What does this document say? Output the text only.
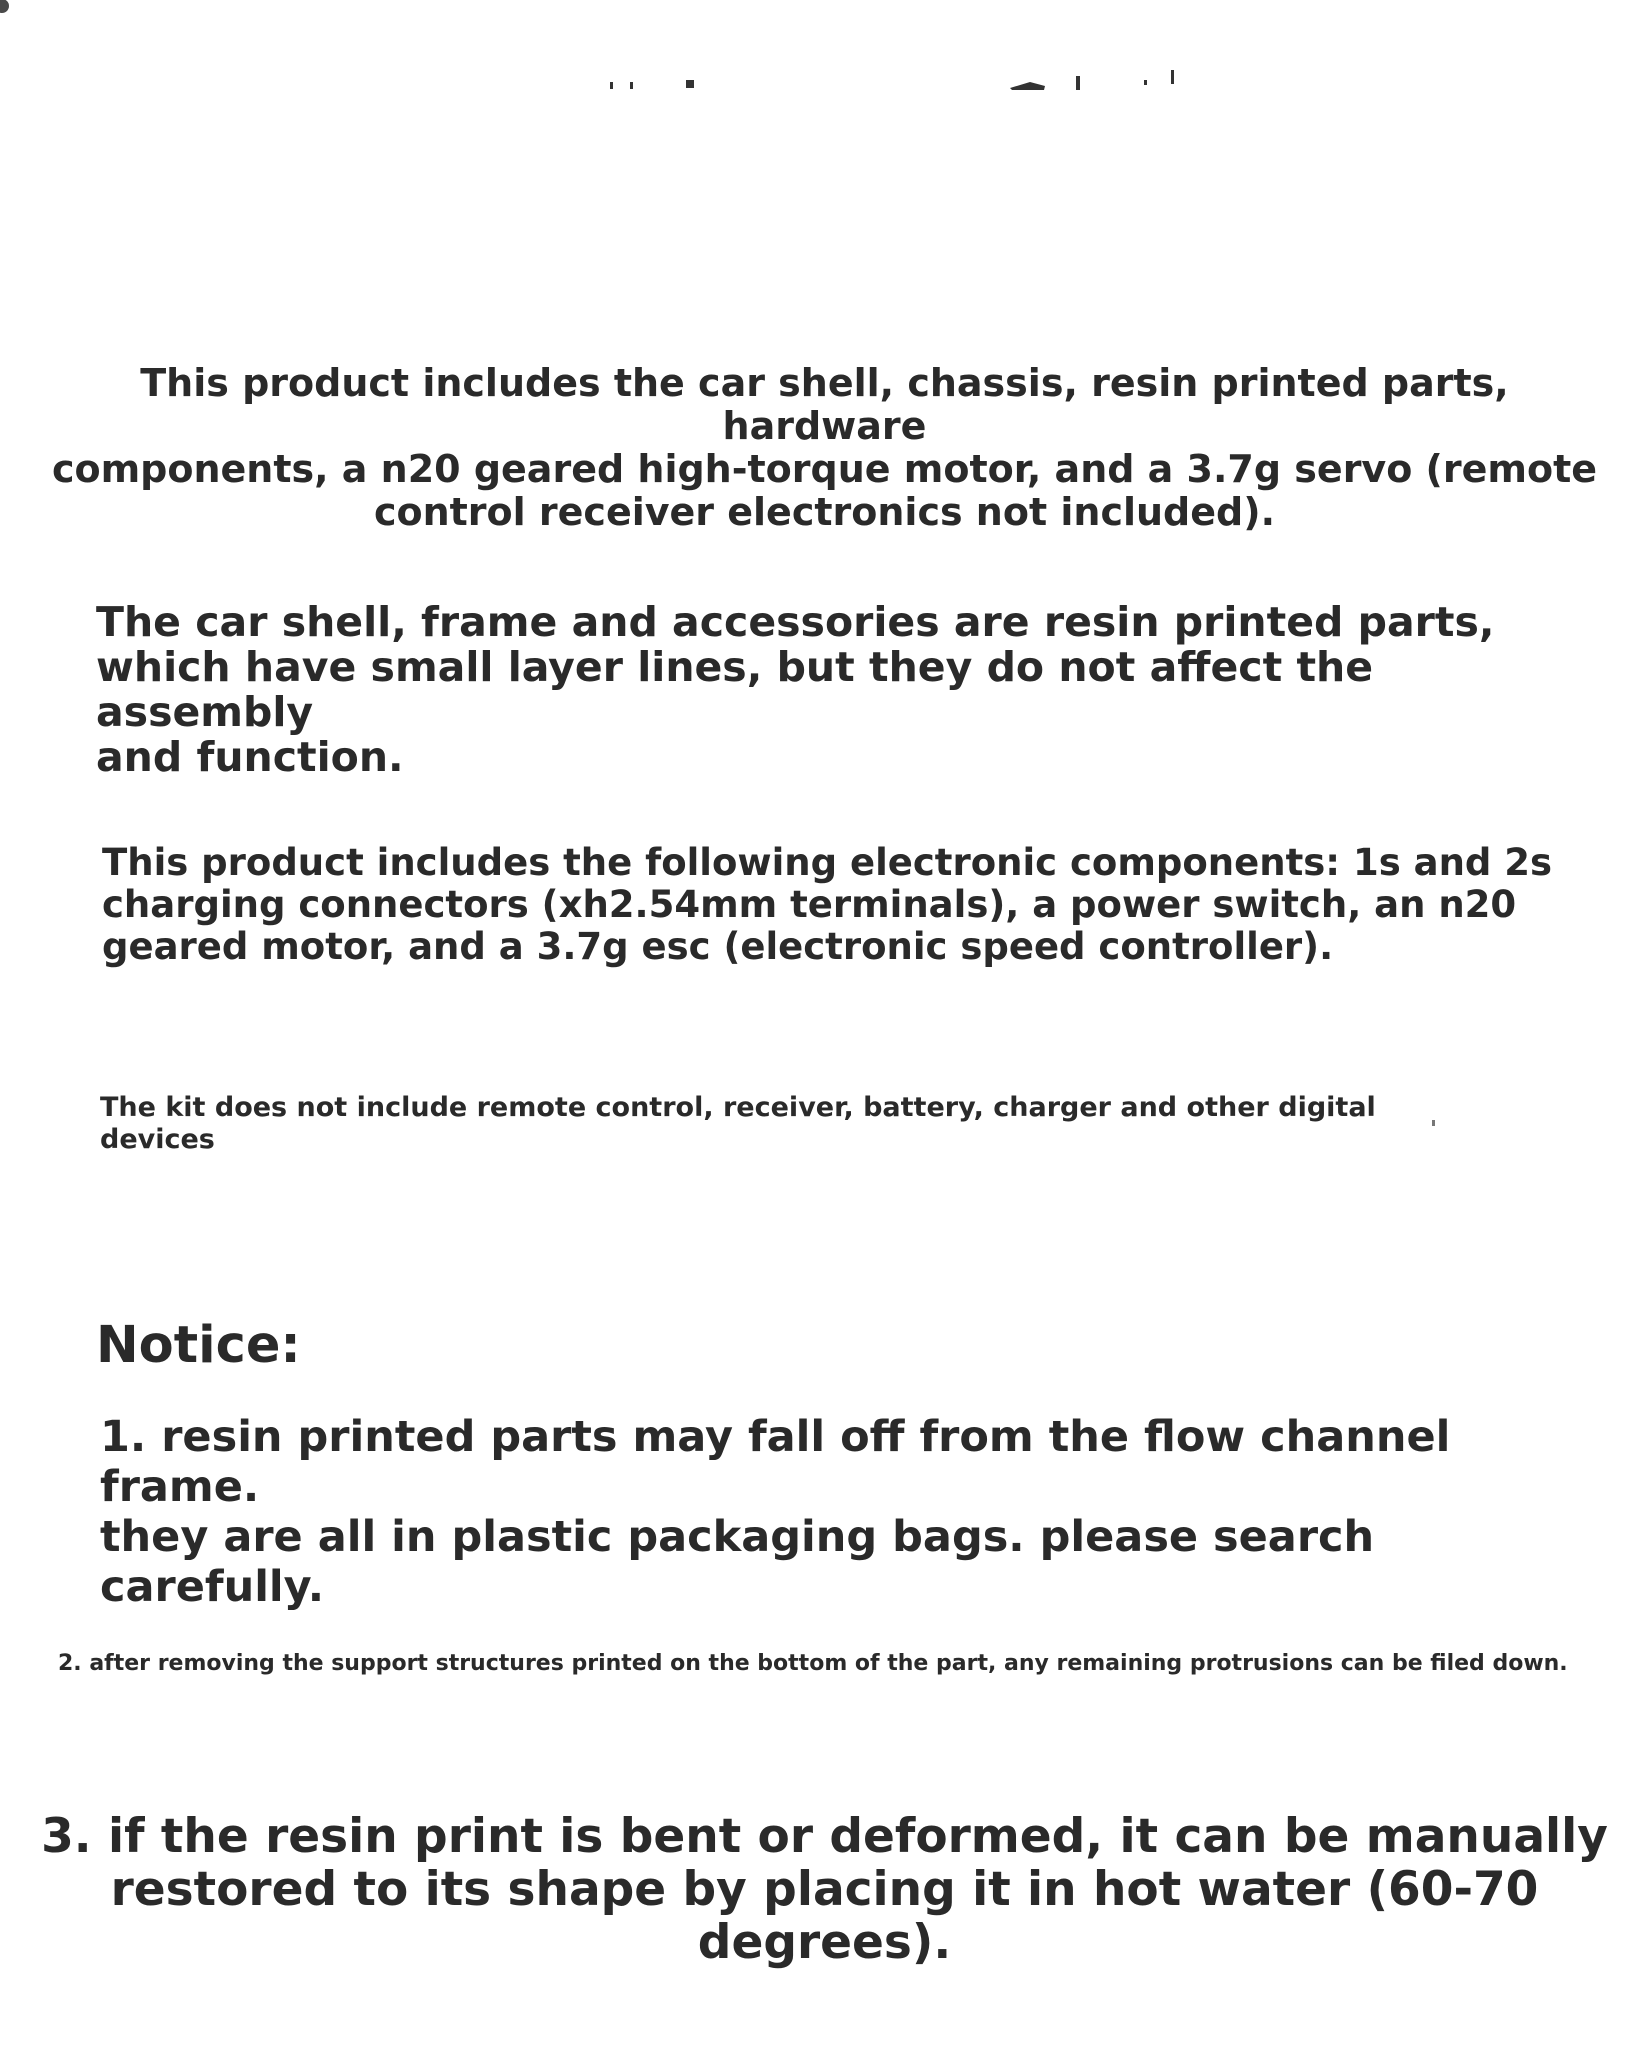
This product includes the car shell, chassis, resin printed parts, hardware
components, a n20 geared high-torque motor, and a 3.7g servo (remote
control receiver electronics not included).
The car shell, frame and accessories are resin printed parts,
which have small layer lines, but they do not affect the assembly
and function.
This product includes the following electronic components: 1s and 2s
charging connectors (xh2.54mm terminals), a power switch, an n20
geared motor, and a 3.7g esc (electronic speed controller).
The kit does not include remote control, receiver, battery, charger and other digital devices
Notice:
1. resin printed parts may fall off from the flow channel frame.
they are all in plastic packaging bags. please search carefully.
2. after removing the support structures printed on the bottom of the part, any remaining protrusions can be filed down.
3. if the resin print is bent or deformed, it can be manually
restored to its shape by placing it in hot water (60-70 degrees).
